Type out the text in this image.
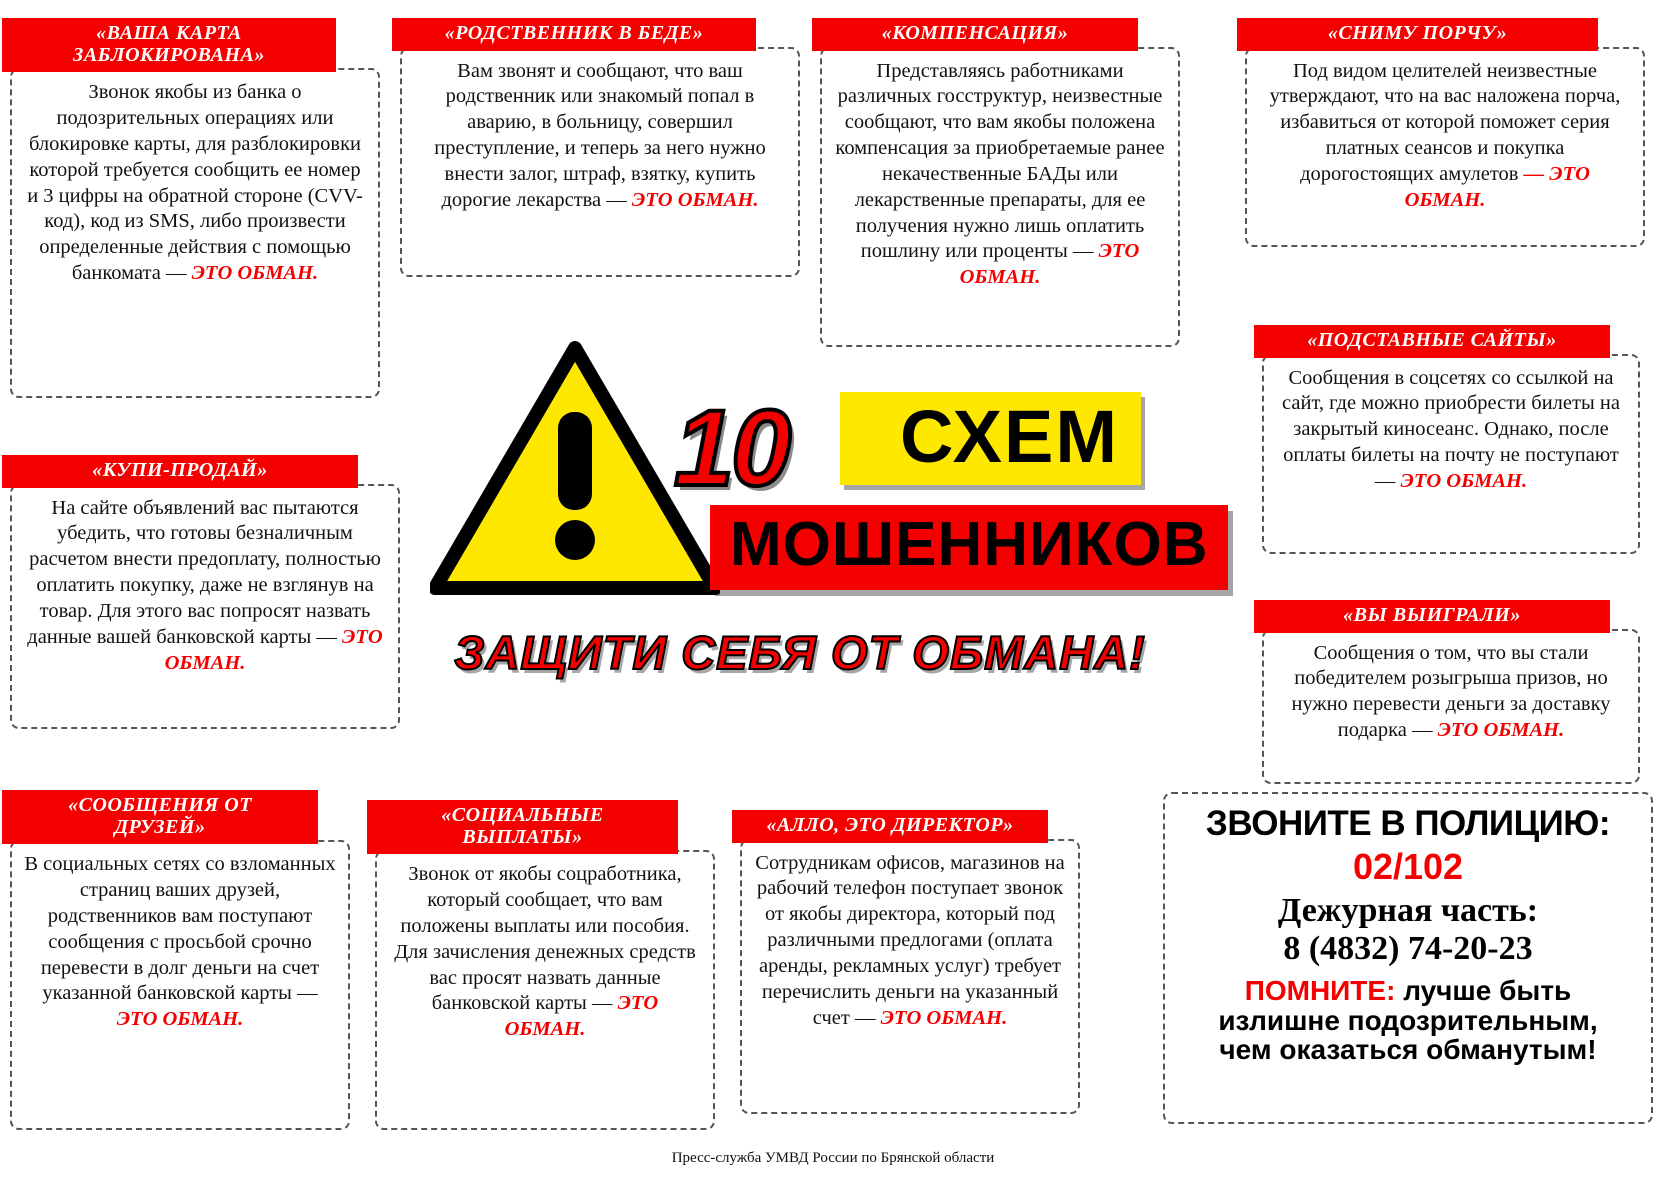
«ВАША КАРТА ЗАБЛОКИРОВАНА»
Звонок якобы из банка о подозрительных операциях или блокировке карты, для разблокировки которой требуется сообщить ее номер и 3 цифры на обратной стороне (CVV-код), код из SMS, либо произвести определенные действия с помощью банкомата — ЭТО ОБМАН.
«РОДСТВЕННИК В БЕДЕ»
Вам звонят и сообщают, что ваш родственник или знакомый попал в аварию, в больницу, совершил преступление, и теперь за него нужно внести залог, штраф, взятку, купить дорогие лекарства — ЭТО ОБМАН.
«КОМПЕНСАЦИЯ»
Представляясь работниками различных госструктур, неизвестные сообщают, что вам якобы положена компенсация за приобретаемые ранее некачественные БАДы или лекарственные препараты, для ее получения нужно лишь оплатить пошлину или проценты — ЭТО ОБМАН.
«СНИМУ ПОРЧУ»
Под видом целителей неизвестные утверждают, что на вас наложена порча, избавиться от которой поможет серия платных сеансов и покупка дорогостоящих амулетов — ЭТО ОБМАН.
«ПОДСТАВНЫЕ САЙТЫ»
Сообщения в соцсетях со ссылкой на сайт, где можно приобрести билеты на закрытый киносеанс. Однако, после оплаты билеты на почту не поступают — ЭТО ОБМАН.
«КУПИ-ПРОДАЙ»
На сайте объявлений вас пытаются убедить, что готовы безналичным расчетом внести предоплату, полностью оплатить покупку, даже не взглянув на товар. Для этого вас попросят назвать данные вашей банковской карты — ЭТО ОБМАН.
«ВЫ ВЫИГРАЛИ»
Сообщения о том, что вы стали победителем розыгрыша призов, но нужно перевести деньги за доставку подарка — ЭТО ОБМАН.
«СООБЩЕНИЯ ОТ ДРУЗЕЙ»
В социальных сетях со взломанных страниц ваших друзей, родственников вам поступают сообщения с просьбой срочно перевести в долг деньги на счет указанной банковской карты — ЭТО ОБМАН.
«СОЦИАЛЬНЫЕ ВЫПЛАТЫ»
Звонок от якобы соцработника, который сообщает, что вам положены выплаты или пособия. Для зачисления денежных средств вас просят назвать данные банковской карты — ЭТО ОБМАН.
«АЛЛО, ЭТО ДИРЕКТОР»
Сотрудникам офисов, магазинов на рабочий телефон поступает звонок от якобы директора, который под различными предлогами (оплата аренды, рекламных услуг) требует перечислить деньги на указанный счет — ЭТО ОБМАН.
СХЕМ
10
МОШЕННИКОВ
ЗАЩИТИ СЕБЯ ОТ ОБМАНА!
ЗВОНИТЕ В ПОЛИЦИЮ:
02/102
Дежурная часть:
8 (4832) 74-20-23
ПОМНИТЕ: лучше быть
излишне подозрительным,
чем оказаться обманутым!
Пресс-служба УМВД России по Брянской области
